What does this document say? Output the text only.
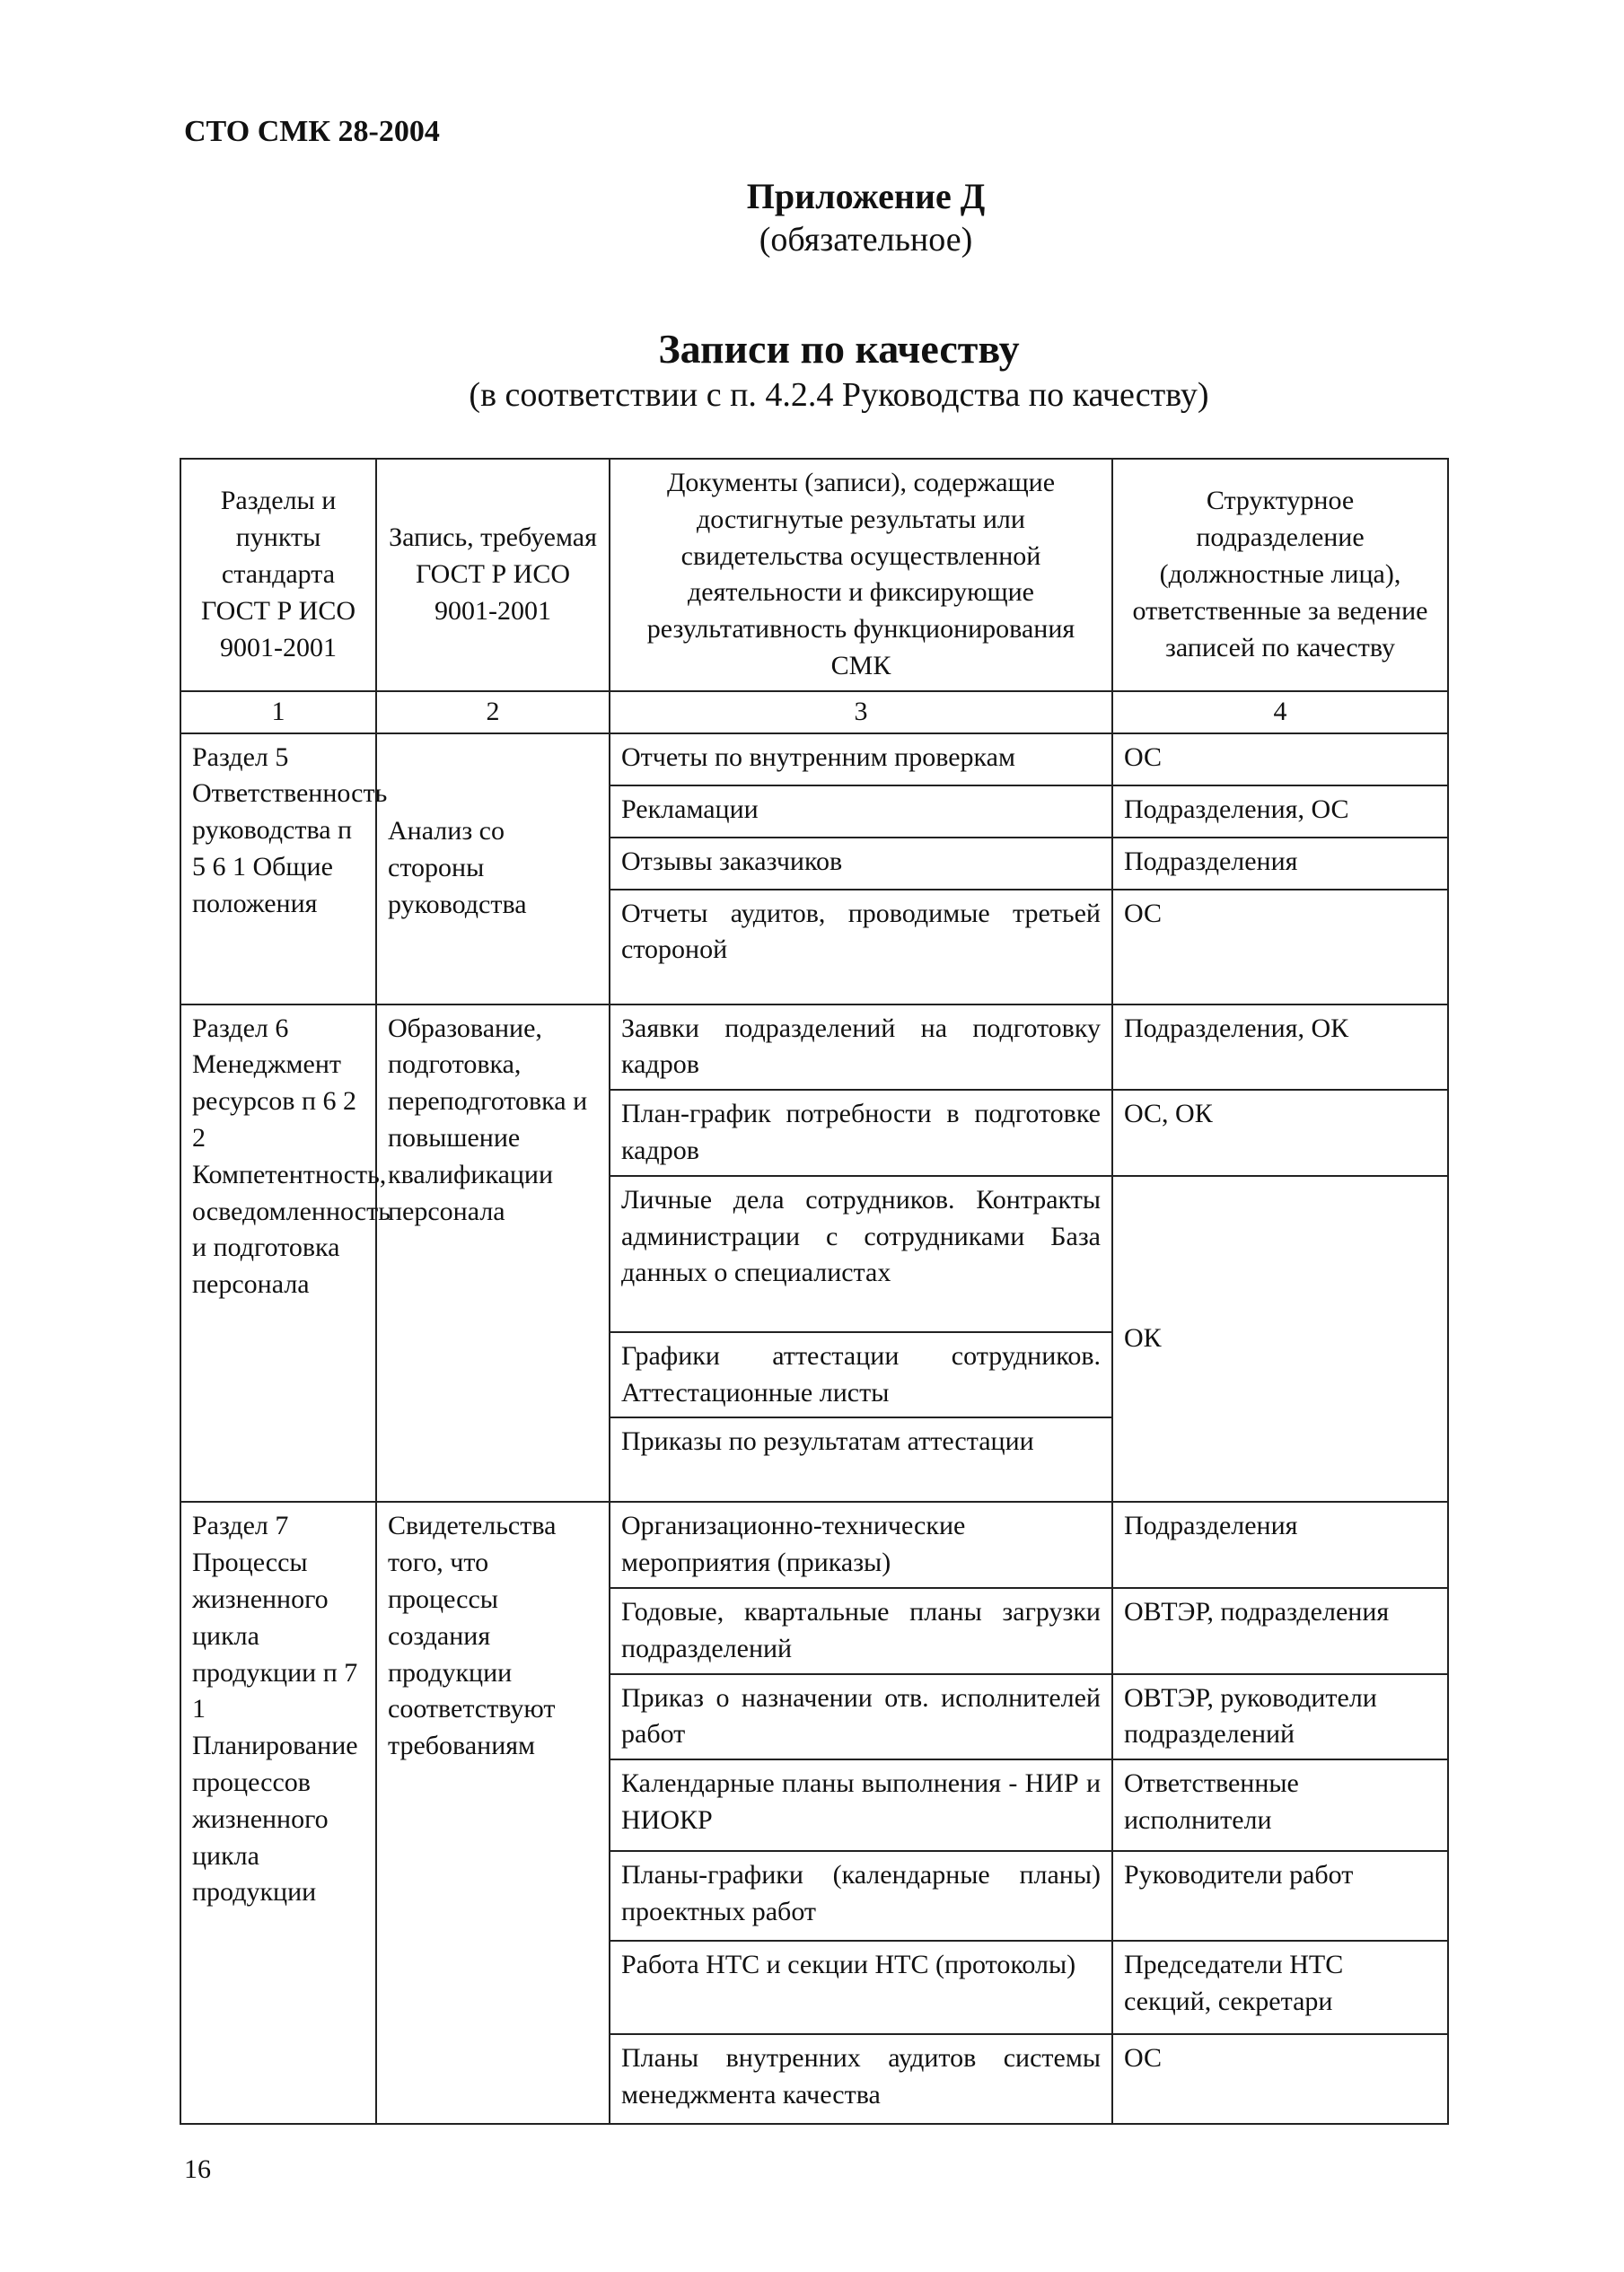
СТО СМК 28-2004
Приложение Д
(обязательное)
Записи по качеству
(в соответствии с п. 4.2.4 Руководства по качеству)
Разделы и пункты стандарта ГОСТ Р ИСО 9001-2001	Запись, требуемая ГОСТ Р ИСО 9001-2001	Документы (записи), содержащие достигнутые результаты или свидетельства осуществленной деятельности и фиксирующие результативность функционирования СМК	Структурное подразделение (должностные лица), ответственные за ведение записей по качеству
1	2	3	4
Раздел 5 Ответственность руководства п 5 6 1 Общие положения	Анализ со стороны руководства	Отчеты по внутренним проверкам	ОС
		Рекламации	Подразделения, ОС
		Отзывы заказчиков	Подразделения
		Отчеты аудитов, проводимые третьей стороной	ОС
Раздел 6 Менеджмент ресурсов п 6 2 2 Компетентность, осведомленность и подготовка персонала	Образование, подготовка, переподготовка и повышение квалификации персонала	Заявки подразделений на подготовку кадров	Подразделения, ОК
		План-график потребности в подготовке кадров	ОС, ОК
		Личные дела сотрудников. Контракты администрации с сотрудниками База данных о специалистах	ОК
		Графики аттестации сотрудников. Аттестационные листы	
		Приказы по результатам аттестации	
Раздел 7 Процессы жизненного цикла продукции п 7 1 Планирование процессов жизненного цикла продукции	Свидетельства того, что процессы создания продукции соответствуют требованиям	Организационно-технические мероприятия (приказы)	Подразделения
		Годовые, квартальные планы загрузки подразделений	ОВТЭР, подразделения
		Приказ о назначении отв. исполнителей работ	ОВТЭР, руководители подразделений
		Календарные планы выполнения - НИР и НИОКР	Ответственные исполнители
		Планы-графики (календарные планы) проектных работ	Руководители работ
		Работа НТС и секции НТС (протоколы)	Председатели НТС секций, секретари
		Планы внутренних аудитов системы менеджмента качества	ОС
16
